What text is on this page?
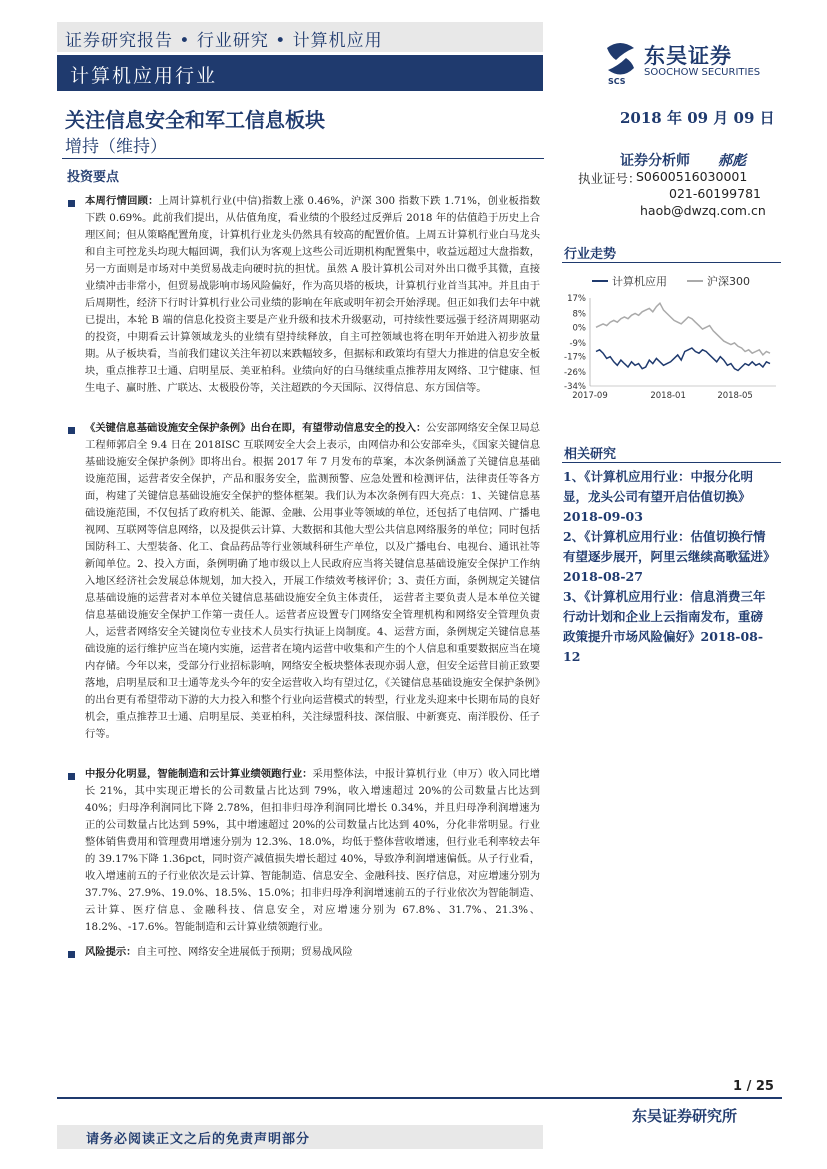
证券研究报告 • 行业研究 • 计算机应用
计算机应用行业	SCS
东吴证券
SOOCHOW SECURITIES
关注信息安全和军工信息板块
增持（维持）
2018 年 09 月 09 日
证券分析师 郝彪
执业证号：
S0600516030001
021-60199781
haob@dwzq.com.cn
投资要点
本周行情回顾：上周计算机行业(中信)指数上涨 0.46%，沪深 300 指数下跌 1.71%，创业板指数下跌 0.69%。此前我们提出，从估值角度，看业绩的个股经过反弹后 2018 年的估值趋于历史上合理区间；但从策略配置角度，计算机行业龙头仍然具有较高的配置价值。上周五计算机行业白马龙头和自主可控龙头均现大幅回调，我们认为客观上这些公司近期机构配置集中，收益远超过大盘指数，另一方面则是市场对中美贸易战走向硬时抗的担忧。虽然 A 股计算机公司对外出口微乎其微，直接业绩冲击非常小，但贸易战影响市场风险偏好，作为高贝塔的板块，计算机行业首当其冲。并且由于后周期性，经济下行时计算机行业公司业绩的影响在年底或明年初会开始浮现。但正如我们去年中就已提出，本轮 B 端的信息化投资主要是产业升级和技术升级驱动，可持续性要远强于经济周期驱动的投资，中期看云计算领域龙头的业绩有望持续释放，自主可控领域也将在明年开始进入初步放量期。从子板块看，当前我们建议关注年初以来跌幅较多，但据标和政策均有望大力推进的信息安全板块，重点推荐卫士通、启明星辰、美亚柏科。业绩向好的白马继续重点推荐用友网络、卫宁健康、恒生电子、赢时胜、广联达、太极股份等，关注超跌的今天国际、汉得信息、东方国信等。
《关键信息基础设施安全保护条例》出台在即，有望带动信息安全的投入：公安部网络安全保卫局总工程师郭启全 9.4 日在 2018ISC 互联网安全大会上表示，由网信办和公安部牵头，《国家关键信息基础设施安全保护条例》即将出台。根据 2017 年 7 月发布的草案，本次条例涵盖了关键信息基础设施范围，运营者安全保护，产品和服务安全，监测预警、应急处置和检测评估，法律责任等各方面，构建了关键信息基础设施安全保护的整体框架。我们认为本次条例有四大亮点：1、关键信息基础设施范围，不仅包括了政府机关、能源、金融、公用事业等领域的单位，还包括了电信网、广播电视网、互联网等信息网络，以及提供云计算、大数据和其他大型公共信息网络服务的单位；同时包括国防科工、大型装备、化工、食品药品等行业领域科研生产单位，以及广播电台、电视台、通讯社等新闻单位。2、投入方面，条例明确了地市级以上人民政府应当将关键信息基础设施安全保护工作纳入地区经济社会发展总体规划，加大投入，开展工作绩效考核评价；3、责任方面，条例规定关键信息基础设施的运营者对本单位关键信息基础设施安全负主体责任， 运营者主要负责人是本单位关键信息基础设施安全保护工作第一责任人。运营者应设置专门网络安全管理机构和网络安全管理负责人，运营者网络安全关键岗位专业技术人员实行执证上岗制度。4、运营方面，条例规定关键信息基础设施的运行维护应当在境内实施，运营者在境内运营中收集和产生的个人信息和重要数据应当在境内存储。今年以来，受部分行业招标影响，网络安全板块整体表现亦弱人意，但安全运营目前正致要落地，启明星辰和卫士通等龙头今年的安全运营收入均有望过亿，《关键信息基础设施安全保护条例》的出台更有希望带动下游的大力投入和整个行业向运营模式的转型，行业龙头迎来中长期布局的良好机会，重点推荐卫士通、启明星辰、美亚柏科，关注绿盟科技、深信服、中新赛克、南洋股份、任子行等。
中报分化明显，智能制造和云计算业绩领跑行业：采用整体法，中报计算机行业（申万）收入同比增长 21%，其中实现正增长的公司数量占比达到 79%，收入增速超过 20%的公司数量占比达到 40%；归母净利润同比下降 2.78%，但扣非归母净利润同比增长 0.34%，并且归母净利润增速为正的公司数量占比达到 59%，其中增速超过 20%的公司数量占比达到 40%，分化非常明显。行业整体销售费用和管理费用增速分别为 12.3%、18.0%，均低于整体营收增速，但行业毛利率较去年的 39.17%下降 1.36pct，同时资产减值损失增长超过 40%，导致净利润增速偏低。从子行业看，收入增速前五的子行业依次是云计算、智能制造、信息安全、金融科技、医疗信息，对应增速分别为 37.7%、27.9%、19.0%、18.5%、15.0%；扣非归母净利润增速前五的子行业依次为智能制造、云计算、医疗信息、金融科技、信息安全，对应增速分别为 67.8%、31.7%、21.3%、18.2%、-17.6%。智能制造和云计算业绩领跑行业。
风险提示：自主可控、网络安全进展低于预期；贸易战风险
行业走势
计算机应用	沪深300
17%
8%
0%
-9%
-17%
-26%
-34%
2017-09	2018-01	2018-05
相关研究
1、《计算机应用行业：中报分化明显，龙头公司有望开启估值切换》2018-09-03
2、《计算机应用行业：估值切换行情有望逐步展开，阿里云继续高歌猛进》2018-08-27
3、《计算机应用行业：信息消费三年行动计划和企业上云指南发布，重磅政策提升市场风险偏好》2018-08-12
1 / 25
东吴证券研究所
请务必阅读正文之后的免责声明部分
